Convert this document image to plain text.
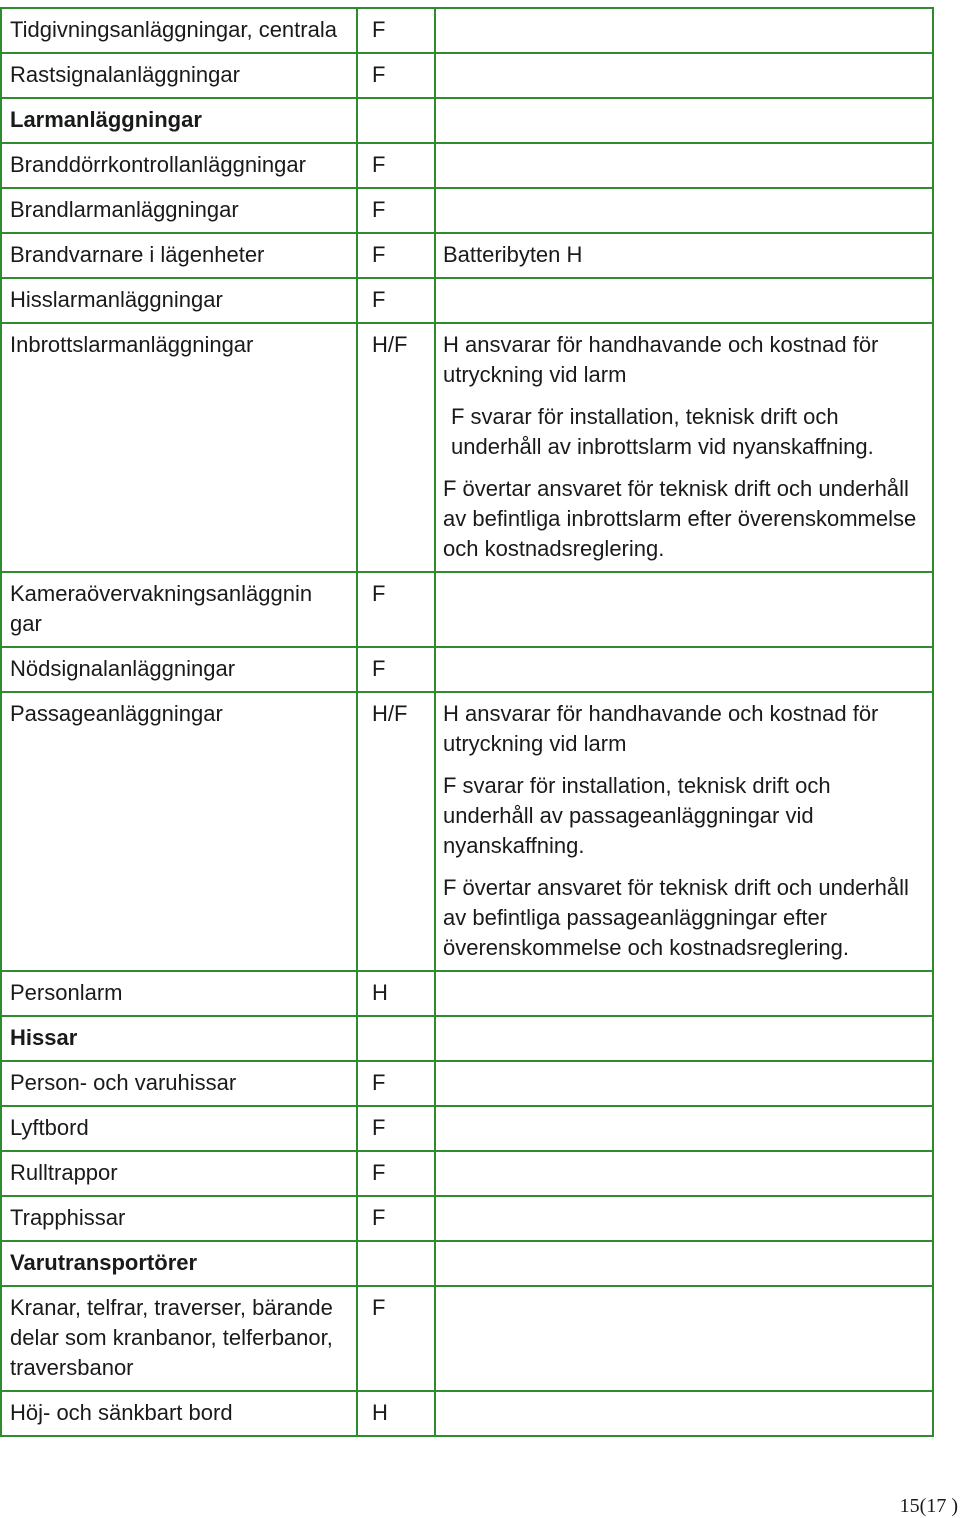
Tidgivningsanläggningar, centrala	F	
Rastsignalanläggningar	F	
Larmanläggningar		
Branddörrkontrollanläggningar	F	
Brandlarmanläggningar	F	
Brandvarnare i lägenheter	F	Batteribyten H

Hisslarmanläggningar	F	
Inbrottslarmanläggningar	H/F	H ansvarar för handhavande och kostnad för utryckning vid larm

F svarar för installation, teknisk drift och underhåll av inbrottslarm vid nyanskaffning.

F övertar ansvaret för teknisk drift och underhåll av befintliga inbrottslarm efter överenskommelse och kostnadsreglering.

Kameraövervakningsanläggnin gar	F	
Nödsignalanläggningar	F	
Passageanläggningar	H/F	H ansvarar för handhavande och kostnad för utryckning vid larm

F svarar för installation, teknisk drift och underhåll av passageanläggningar vid nyanskaffning.

F övertar ansvaret för teknisk drift och underhåll av befintliga passageanläggningar efter överenskommelse och kostnadsreglering.

Personlarm	H	
Hissar		
Person- och varuhissar	F	
Lyftbord	F	
Rulltrappor	F	
Trapphissar	F	
Varutransportörer		
Kranar, telfrar, traverser, bärande delar som kranbanor, telferbanor, traversbanor	F	
Höj- och sänkbart bord	H	
15(17 )
